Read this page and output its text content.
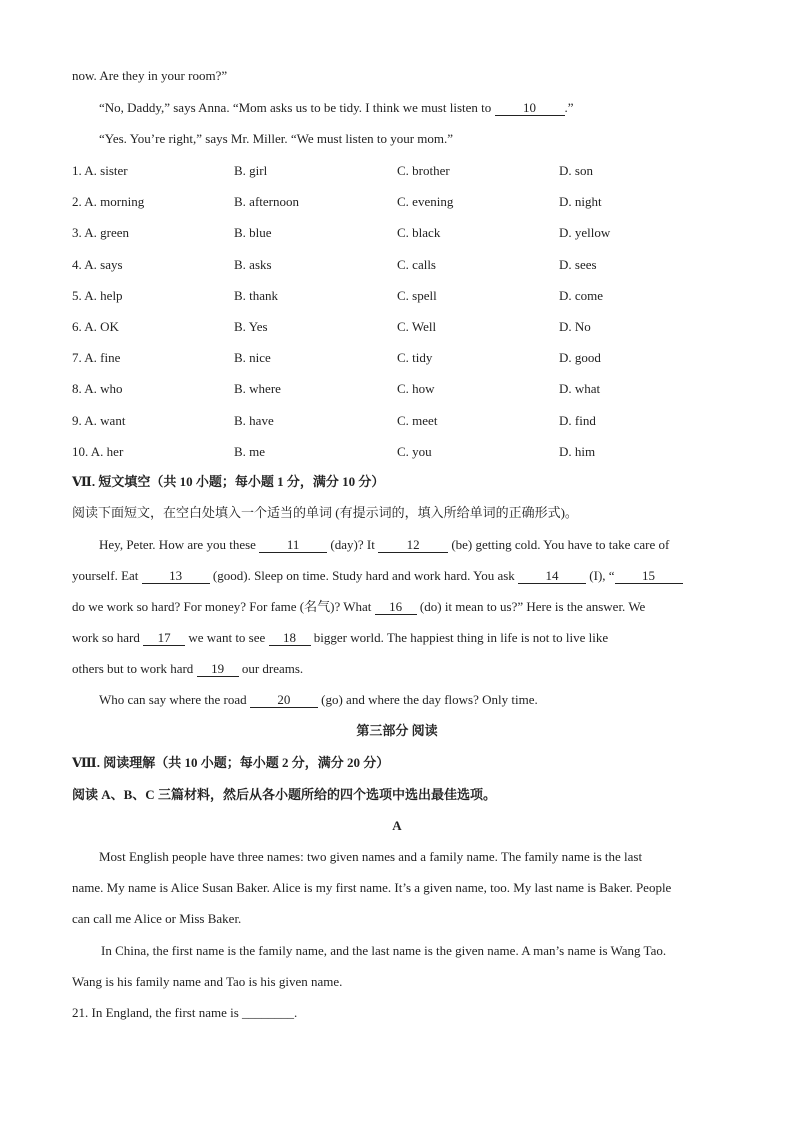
now. Are they in your room?”
“No, Daddy,” says Anna. “Mom asks us to be tidy. I think we must listen to 10 .”
“Yes. You’re right,” says Mr. Miller. “We must listen to your mom.”
1. A. sister	B. girl	C. brother	D. son
2. A. morning	B. afternoon	C. evening	D. night
3. A. green	B. blue	C. black	D. yellow
4. A. says	B. asks	C. calls	D. sees
5. A. help	B. thank	C. spell	D. come
6. A. OK	B. Yes	C. Well	D. No
7. A. fine	B. nice	C. tidy	D. good
8. A. who	B. where	C. how	D. what
9. A. want	B. have	C. meet	D. find
10. A. her	B. me	C. you	D. him
Ⅶ. 短文填空（共 10 小题；每小题 1 分，满分 10 分）
阅读下面短文，在空白处填入一个适当的单词 (有提示词的，填入所给单词的正确形式)。
Hey, Peter. How are you these 11 (day)? It 12 (be) getting cold. You have to take care of
yourself. Eat 13 (good). Sleep on time. Study hard and work hard. You ask 14 (I), “ 15
do we work so hard? For money? For fame (名气)? What 16 (do) it mean to us?” Here is the answer. We
work so hard 17 we want to see 18 bigger world. The happiest thing in life is not to live like
others but to work hard 19 our dreams.
Who can say where the road 20 (go) and where the day flows? Only time.
第三部分 阅读
Ⅷ. 阅读理解（共 10 小题；每小题 2 分，满分 20 分）
阅读 A、B、C 三篇材料，然后从各小题所给的四个选项中选出最佳选项。
A
Most English people have three names: two given names and a family name. The family name is the last
name. My name is Alice Susan Baker. Alice is my first name. It’s a given name, too. My last name is Baker. People
can call me Alice or Miss Baker.
In China, the first name is the family name, and the last name is the given name. A man’s name is Wang Tao.
Wang is his family name and Tao is his given name.
21. In England, the first name is ________.
